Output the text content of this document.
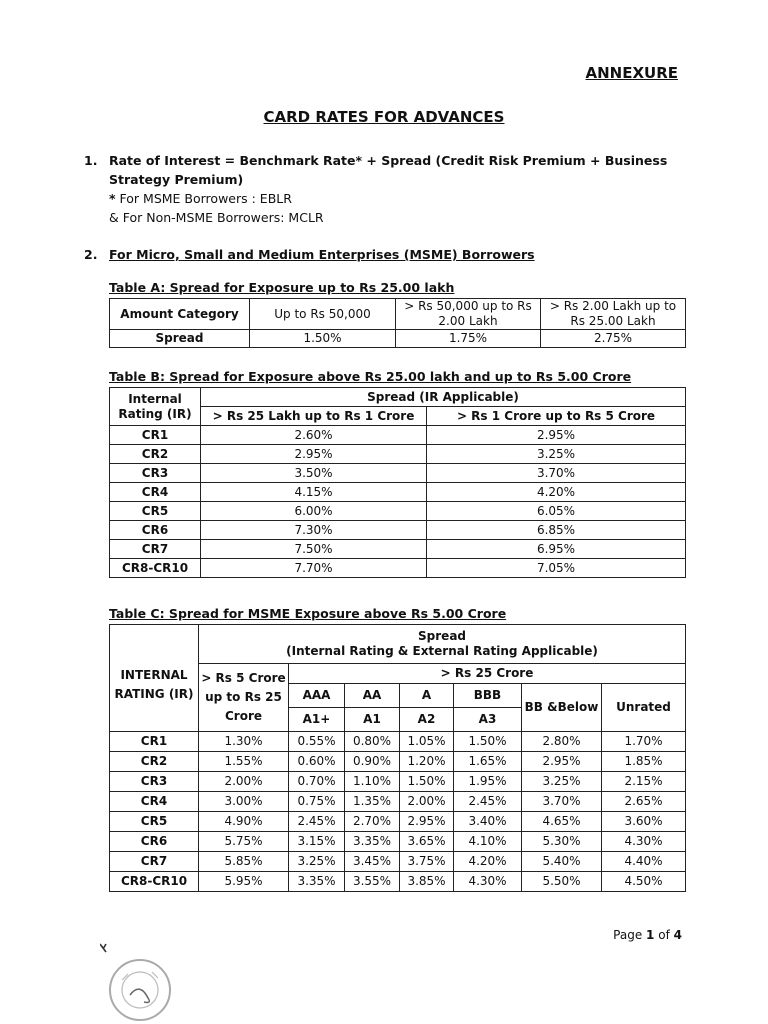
ANNEXURE
CARD RATES FOR ADVANCES
1. Rate of Interest = Benchmark Rate* + Spread (Credit Risk Premium + Business Strategy Premium)
* For MSME Borrowers : EBLR
& For Non-MSME Borrowers: MCLR
2. For Micro, Small and Medium Enterprises (MSME) Borrowers
Table A: Spread for Exposure up to Rs 25.00 lakh
Amount Category	Up to Rs 50,000	> Rs 50,000 up to Rs 2.00 Lakh	> Rs 2.00 Lakh up to Rs 25.00 Lakh
Spread	1.50%	1.75%	2.75%
Table B: Spread for Exposure above Rs 25.00 lakh and up to Rs 5.00 Crore
Internal Rating (IR)	Spread (IR Applicable)	
	> Rs 25 Lakh up to Rs 1 Crore	> Rs 1 Crore up to Rs 5 Crore
CR1	2.60%	2.95%
CR2	2.95%	3.25%
CR3	3.50%	3.70%
CR4	4.15%	4.20%
CR5	6.00%	6.05%
CR6	7.30%	6.85%
CR7	7.50%	6.95%
CR8-CR10	7.70%	7.05%
Table C: Spread for MSME Exposure above Rs 5.00 Crore

	Spread
(Internal Rating & External Rating Applicable)						

INTERNAL RATING (IR)	> Rs 5 Crore up to Rs 25 Crore	> Rs 25 Crore					
		AAA	AA	A	BBB	BB &Below	Unrated
		A1+	A1	A2	A3		
CR1	1.30%	0.55%	0.80%	1.05%	1.50%	2.80%	1.70%
CR2	1.55%	0.60%	0.90%	1.20%	1.65%	2.95%	1.85%
CR3	2.00%	0.70%	1.10%	1.50%	1.95%	3.25%	2.15%
CR4	3.00%	0.75%	1.35%	2.00%	2.45%	3.70%	2.65%
CR5	4.90%	2.45%	2.70%	2.95%	3.40%	4.65%	3.60%
CR6	5.75%	3.15%	3.35%	3.65%	4.10%	5.30%	4.30%
CR7	5.85%	3.25%	3.45%	3.75%	4.20%	5.40%	4.40%
CR8-CR10	5.95%	3.35%	3.55%	3.85%	4.30%	5.50%	4.50%
Page 1 of 4
